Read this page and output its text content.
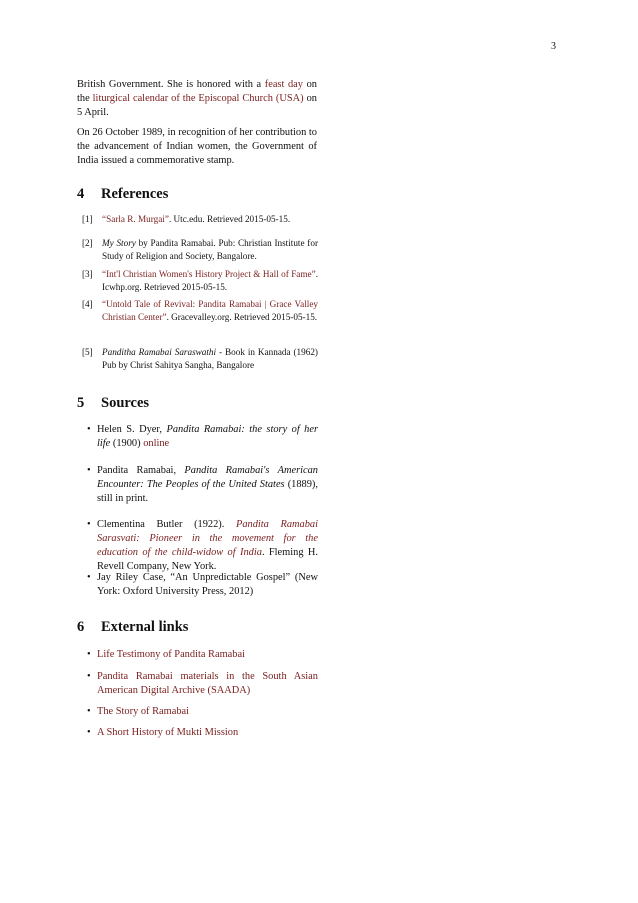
3

British Government. She is honored with a feast day on the liturgical calendar of the Episcopal Church (USA) on 5 April.

On 26 October 1989, in recognition of her contribution to the advancement of Indian women, the Government of India issued a commemorative stamp.

4 References
[1] “Sarla R. Murgai”. Utc.edu. Retrieved 2015-05-15.
[2] My Story by Pandita Ramabai. Pub: Christian Institute for Study of Religion and Society, Bangalore.
[3] “Int'l Christian Women's History Project & Hall of Fame”. Icwhp.org. Retrieved 2015-05-15.
[4] “Untold Tale of Revival: Pandita Ramabai | Grace Valley Christian Center”. Gracevalley.org. Retrieved 2015-05-15.
[5] Panditha Ramabai Saraswathi - Book in Kannada (1962) Pub by Christ Sahitya Sangha, Bangalore
5 Sources
• Helen S. Dyer, Pandita Ramabai: the story of her life (1900) online
• Pandita Ramabai, Pandita Ramabai's American Encounter: The Peoples of the United States (1889), still in print.
• Clementina Butler (1922). Pandita Ramabai Sarasvati: Pioneer in the movement for the education of the child-widow of India. Fleming H. Revell Company, New York.
• Jay Riley Case, “An Unpredictable Gospel” (New York: Oxford University Press, 2012)
6 External links
• Life Testimony of Pandita Ramabai
• Pandita Ramabai materials in the South Asian American Digital Archive (SAADA)
• The Story of Ramabai
• A Short History of Mukti Mission
